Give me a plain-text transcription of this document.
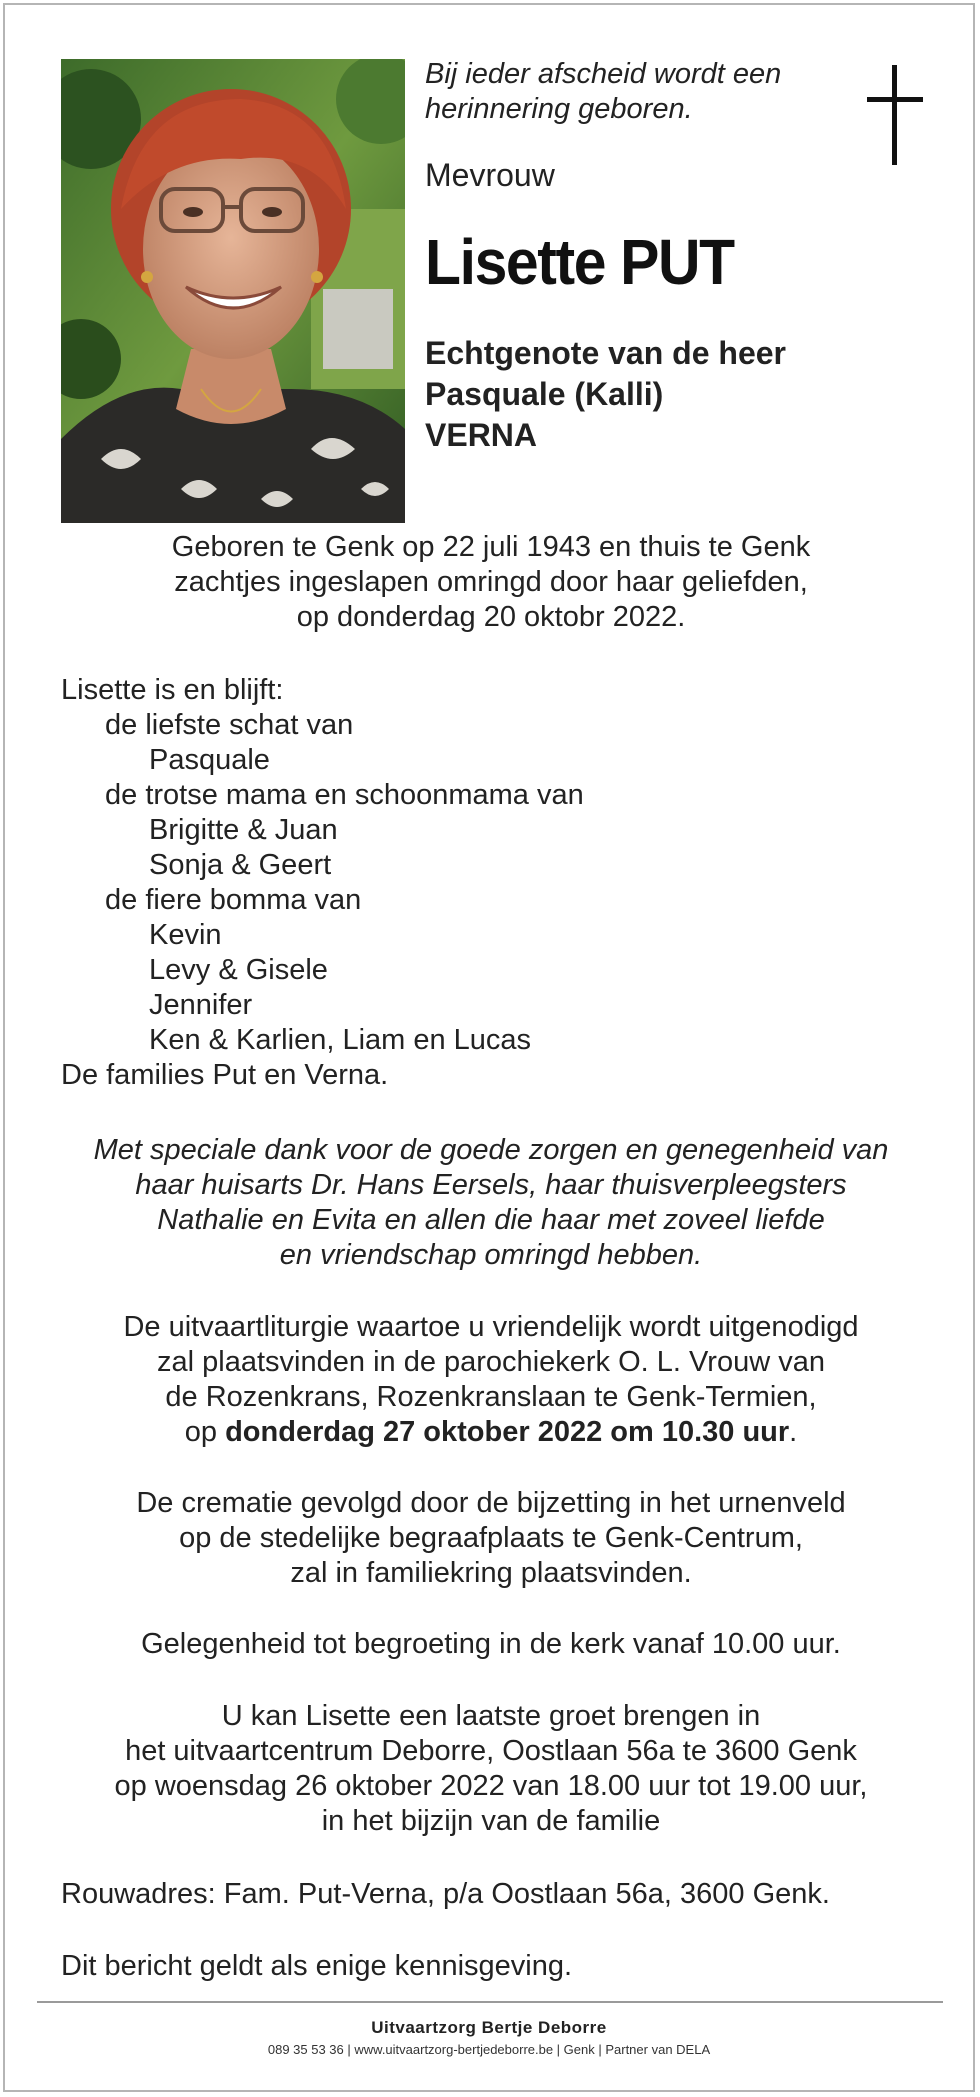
Bij ieder afscheid wordt een
herinnering geboren.
Mevrouw
Lisette PUT
Echtgenote van de heer
Pasquale (Kalli)
VERNA

Geboren te Genk op 22 juli 1943 en thuis te Genk

zachtjes ingeslapen omringd door haar geliefden,

op donderdag 20 oktobr 2022.

Lisette is en blijft:

de liefste schat van

Pasquale

de trotse mama en schoonmama van

Brigitte & Juan

Sonja & Geert

de fiere bomma van

Kevin

Levy & Gisele

Jennifer

Ken & Karlien, Liam en Lucas

De families Put en Verna.

Met speciale dank voor de goede zorgen en genegenheid van

haar huisarts Dr. Hans Eersels, haar thuisverpleegsters

Nathalie en Evita en allen die haar met zoveel liefde

en vriendschap omringd hebben.

De uitvaartliturgie waartoe u vriendelijk wordt uitgenodigd

zal plaatsvinden in de parochiekerk O. L. Vrouw van

de Rozenkrans, Rozenkranslaan te Genk-Termien,

op donderdag 27 oktober 2022 om 10.30 uur.

De crematie gevolgd door de bijzetting in het urnenveld

op de stedelijke begraafplaats te Genk-Centrum,

zal in familiekring plaatsvinden.

Gelegenheid tot begroeting in de kerk vanaf 10.00 uur.

U kan Lisette een laatste groet brengen in

het uitvaartcentrum Deborre, Oostlaan 56a te 3600 Genk

op woensdag 26 oktober 2022 van 18.00 uur tot 19.00 uur,

in het bijzijn van de familie

Rouwadres: Fam. Put-Verna, p/a Oostlaan 56a, 3600 Genk.

Dit bericht geldt als enige kennisgeving.

Uitvaartzorg Bertje Deborre
089 35 53 36 | www.uitvaartzorg-bertjedeborre.be | Genk | Partner van DELA
